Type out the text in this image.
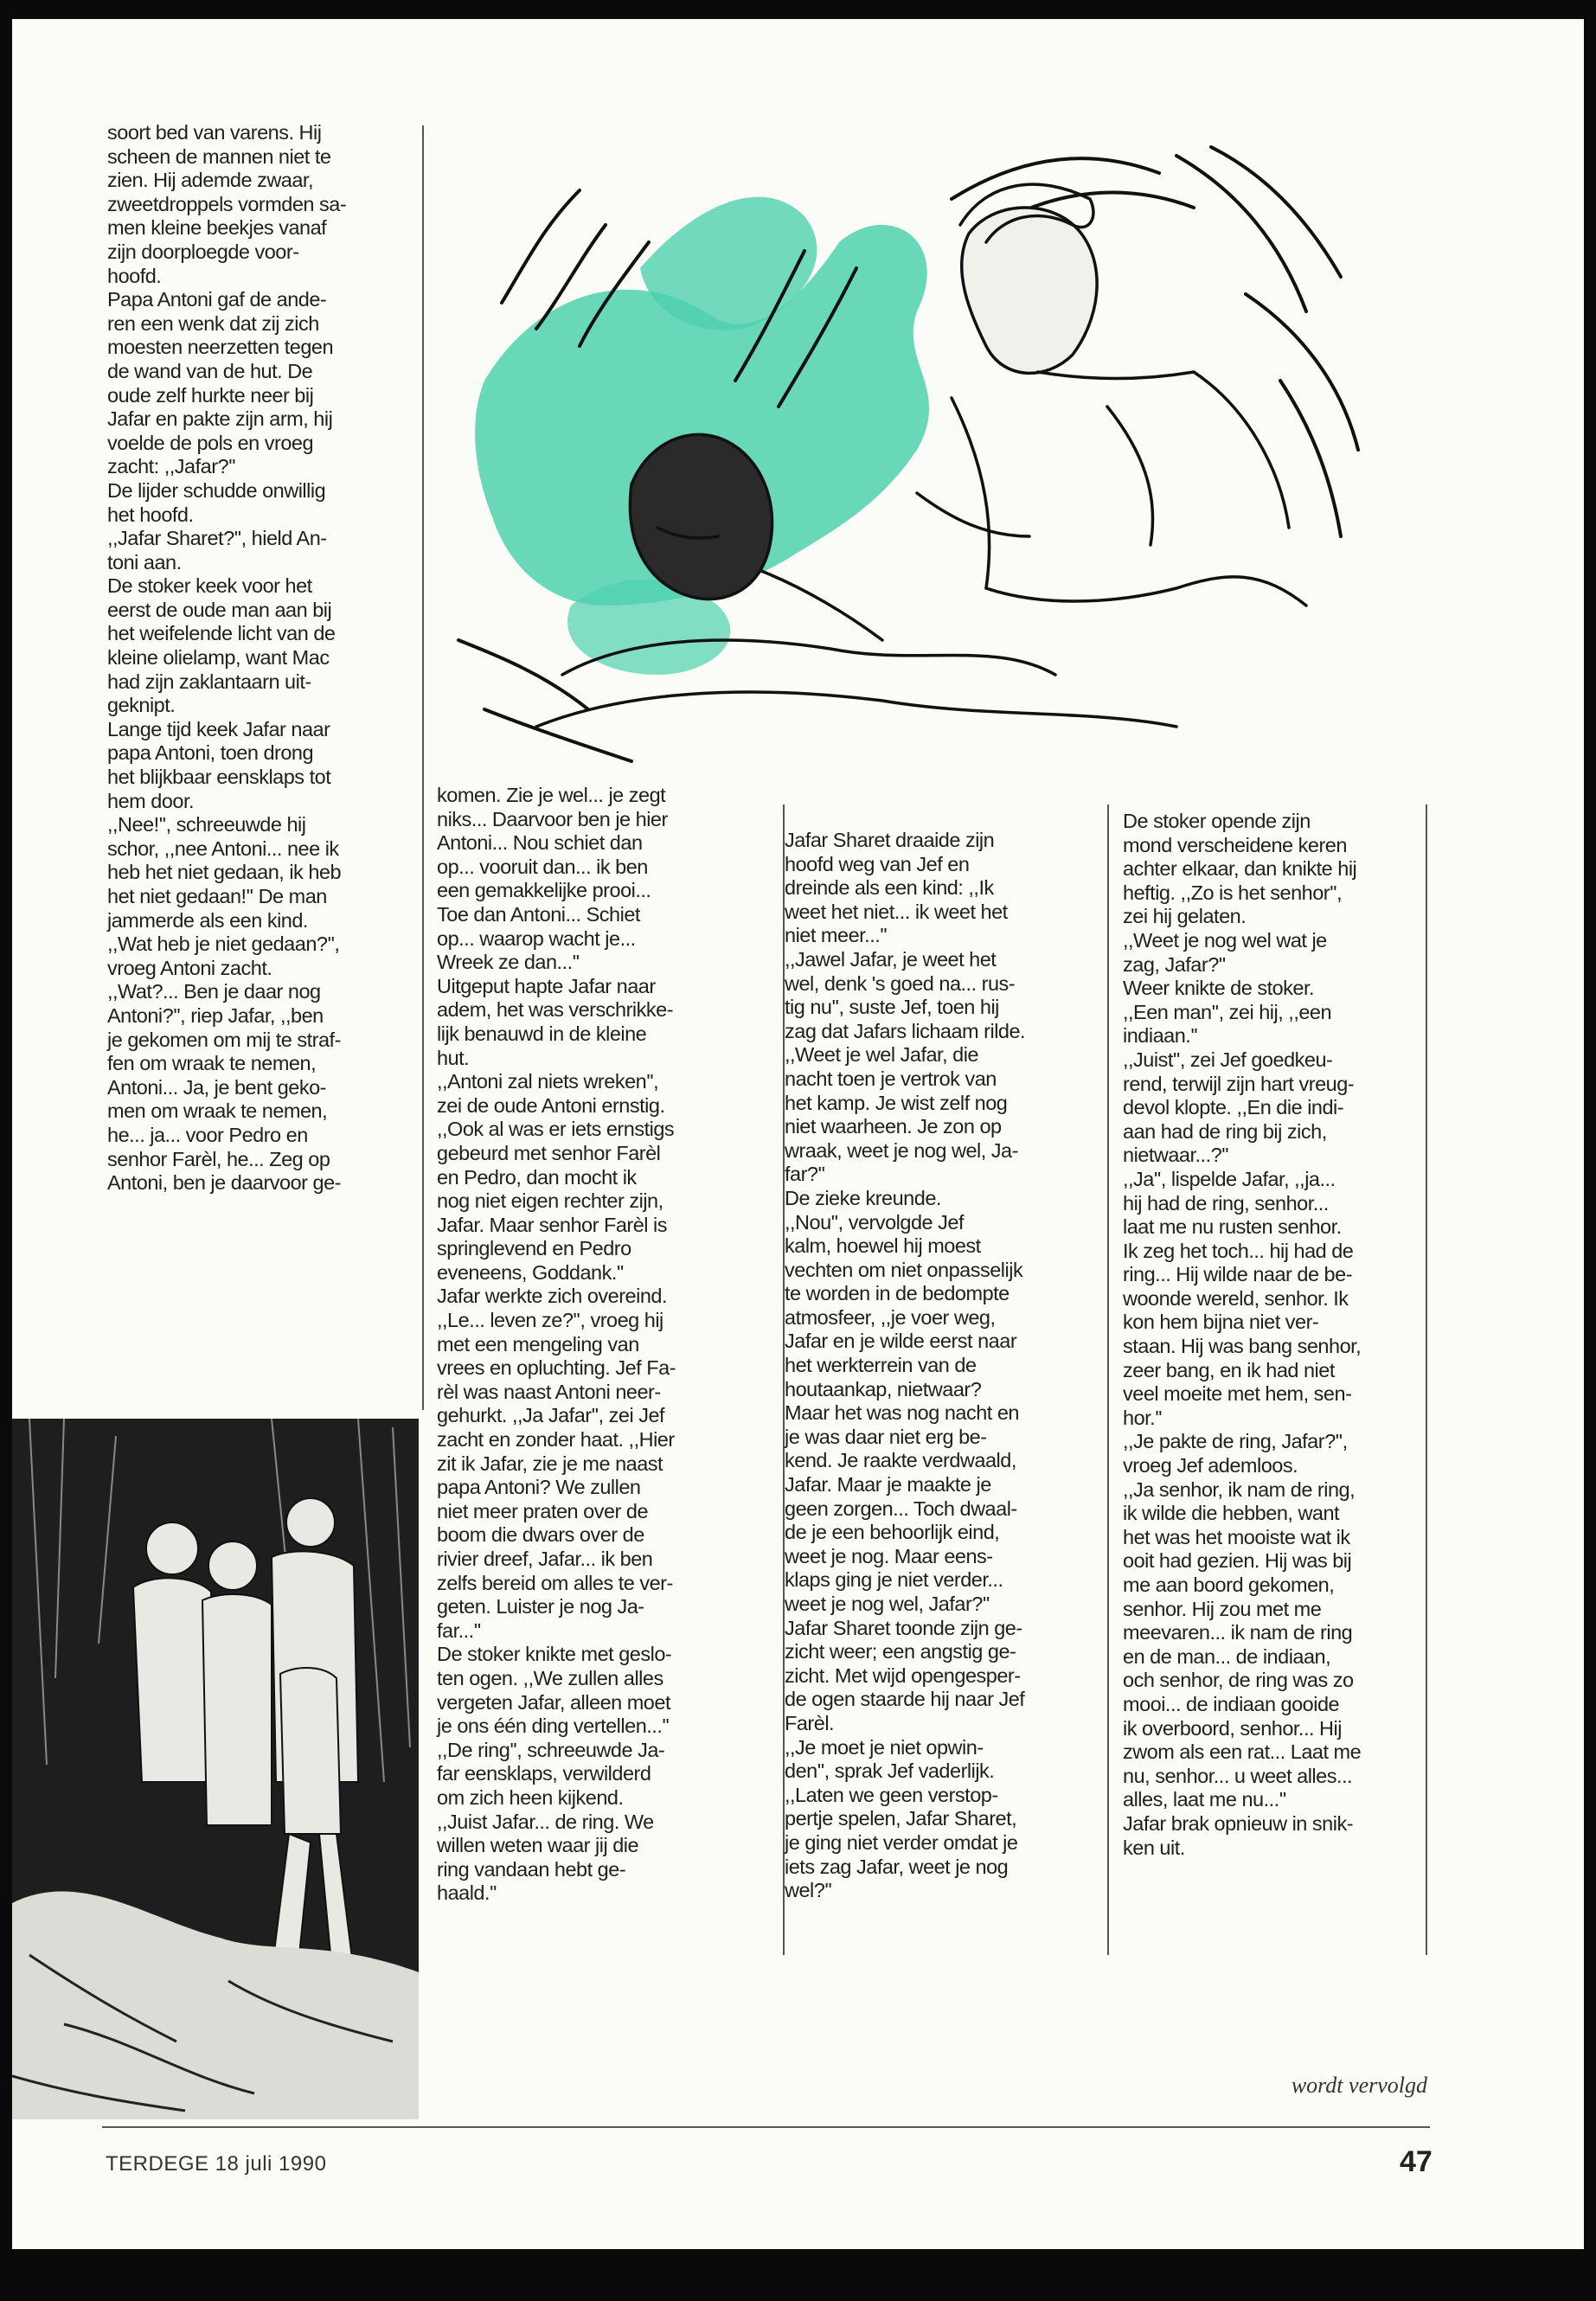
soort bed van varens. Hij

scheen de mannen niet te

zien. Hij ademde zwaar,

zweetdroppels vormden sa-

men kleine beekjes vanaf

zijn doorploegde voor-

hoofd.

Papa Antoni gaf de ande-

ren een wenk dat zij zich

moesten neerzetten tegen

de wand van de hut. De

oude zelf hurkte neer bij

Jafar en pakte zijn arm, hij

voelde de pols en vroeg

zacht: ,,Jafar?''

De lijder schudde onwillig

het hoofd.

,,Jafar Sharet?'', hield An-

toni aan.

De stoker keek voor het

eerst de oude man aan bij

het weifelende licht van de

kleine olielamp, want Mac

had zijn zaklantaarn uit-

geknipt.

Lange tijd keek Jafar naar

papa Antoni, toen drong

het blijkbaar eensklaps tot

hem door.

,,Nee!'', schreeuwde hij

schor, ,,nee Antoni... nee ik

heb het niet gedaan, ik heb

het niet gedaan!'' De man

jammerde als een kind.

,,Wat heb je niet gedaan?'',

vroeg Antoni zacht.

,,Wat?... Ben je daar nog

Antoni?'', riep Jafar, ,,ben

je gekomen om mij te straf-

fen om wraak te nemen,

Antoni... Ja, je bent geko-

men om wraak te nemen,

he... ja... voor Pedro en

senhor Farèl, he... Zeg op

Antoni, ben je daarvoor ge-

komen. Zie je wel... je zegt

niks... Daarvoor ben je hier

Antoni... Nou schiet dan

op... vooruit dan... ik ben

een gemakkelijke prooi...

Toe dan Antoni... Schiet

op... waarop wacht je...

Wreek ze dan...''

Uitgeput hapte Jafar naar

adem, het was verschrikke-

lijk benauwd in de kleine

hut.

,,Antoni zal niets wreken'',

zei de oude Antoni ernstig.

,,Ook al was er iets ernstigs

gebeurd met senhor Farèl

en Pedro, dan mocht ik

nog niet eigen rechter zijn,

Jafar. Maar senhor Farèl is

springlevend en Pedro

eveneens, Goddank.''

Jafar werkte zich overeind.

,,Le... leven ze?'', vroeg hij

met een mengeling van

vrees en opluchting. Jef Fa-

rèl was naast Antoni neer-

gehurkt. ,,Ja Jafar'', zei Jef

zacht en zonder haat. ,,Hier

zit ik Jafar, zie je me naast

papa Antoni? We zullen

niet meer praten over de

boom die dwars over de

rivier dreef, Jafar... ik ben

zelfs bereid om alles te ver-

geten. Luister je nog Ja-

far...''

De stoker knikte met geslo-

ten ogen. ,,We zullen alles

vergeten Jafar, alleen moet

je ons één ding vertellen...''

,,De ring'', schreeuwde Ja-

far eensklaps, verwilderd

om zich heen kijkend.

,,Juist Jafar... de ring. We

willen weten waar jij die

ring vandaan hebt ge-

haald.''

Jafar Sharet draaide zijn

hoofd weg van Jef en

dreinde als een kind: ,,Ik

weet het niet... ik weet het

niet meer...''

,,Jawel Jafar, je weet het

wel, denk 's goed na... rus-

tig nu'', suste Jef, toen hij

zag dat Jafars lichaam rilde.

,,Weet je wel Jafar, die

nacht toen je vertrok van

het kamp. Je wist zelf nog

niet waarheen. Je zon op

wraak, weet je nog wel, Ja-

far?''

De zieke kreunde.

,,Nou'', vervolgde Jef

kalm, hoewel hij moest

vechten om niet onpasselijk

te worden in de bedompte

atmosfeer, ,,je voer weg,

Jafar en je wilde eerst naar

het werkterrein van de

houtaankap, nietwaar?

Maar het was nog nacht en

je was daar niet erg be-

kend. Je raakte verdwaald,

Jafar. Maar je maakte je

geen zorgen... Toch dwaal-

de je een behoorlijk eind,

weet je nog. Maar eens-

klaps ging je niet verder...

weet je nog wel, Jafar?''

Jafar Sharet toonde zijn ge-

zicht weer; een angstig ge-

zicht. Met wijd opengesper-

de ogen staarde hij naar Jef

Farèl.

,,Je moet je niet opwin-

den'', sprak Jef vaderlijk.

,,Laten we geen verstop-

pertje spelen, Jafar Sharet,

je ging niet verder omdat je

iets zag Jafar, weet je nog

wel?''

De stoker opende zijn

mond verscheidene keren

achter elkaar, dan knikte hij

heftig. ,,Zo is het senhor'',

zei hij gelaten.

,,Weet je nog wel wat je

zag, Jafar?''

Weer knikte de stoker.

,,Een man'', zei hij, ,,een

indiaan.''

,,Juist'', zei Jef goedkeu-

rend, terwijl zijn hart vreug-

devol klopte. ,,En die indi-

aan had de ring bij zich,

nietwaar...?''

,,Ja'', lispelde Jafar, ,,ja...

hij had de ring, senhor...

laat me nu rusten senhor.

Ik zeg het toch... hij had de

ring... Hij wilde naar de be-

woonde wereld, senhor. Ik

kon hem bijna niet ver-

staan. Hij was bang senhor,

zeer bang, en ik had niet

veel moeite met hem, sen-

hor.''

,,Je pakte de ring, Jafar?'',

vroeg Jef ademloos.

,,Ja senhor, ik nam de ring,

ik wilde die hebben, want

het was het mooiste wat ik

ooit had gezien. Hij was bij

me aan boord gekomen,

senhor. Hij zou met me

meevaren... ik nam de ring

en de man... de indiaan,

och senhor, de ring was zo

mooi... de indiaan gooide

ik overboord, senhor... Hij

zwom als een rat... Laat me

nu, senhor... u weet alles...

alles, laat me nu...''

Jafar brak opnieuw in snik-

ken uit.

wordt vervolgd
TERDEGE 18 juli 1990	47
